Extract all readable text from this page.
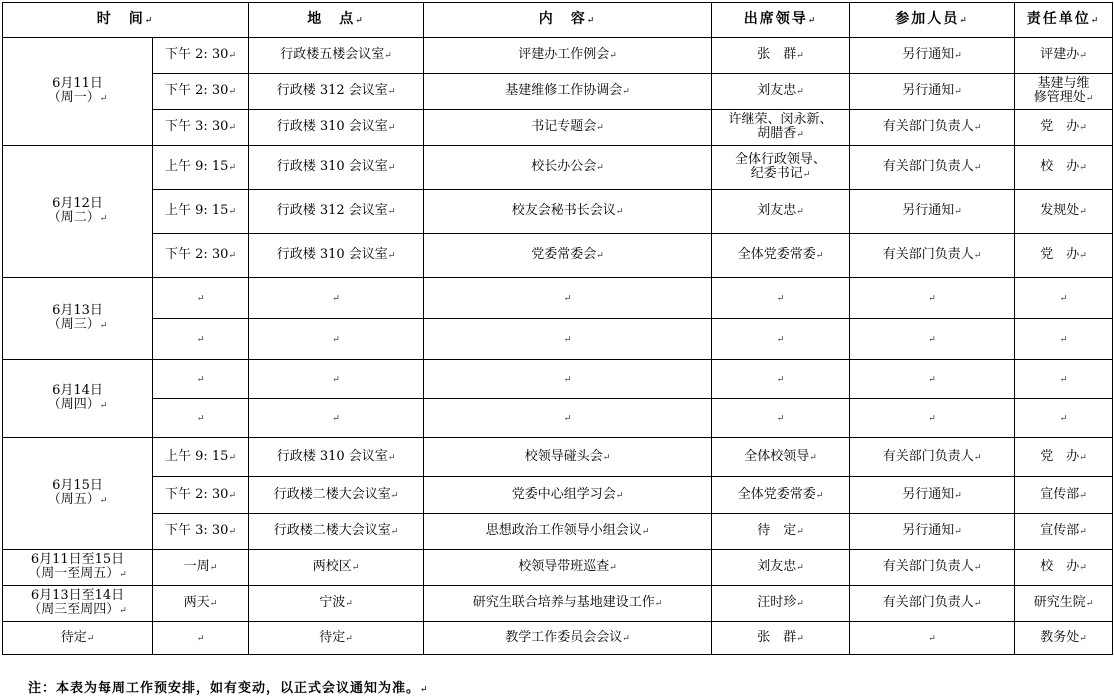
时　间↵		地　点↵	内　容↵	出席领导↵	参加人员↵	责任单位↵
6月11日
（周一）↵	下午 2: 30↵	行政楼五楼会议室↵	评建办工作例会↵	张　群↵	另行通知↵	评建办↵
	下午 2: 30↵	行政楼 312 会议室↵	基建维修工作协调会↵	刘友忠↵	另行通知↵	基建与维
修管理处↵
	下午 3: 30↵	行政楼 310 会议室↵	书记专题会↵	许继荣、闵永新、
胡腊香↵	有关部门负责人↵	党　办↵
6月12日
（周二）↵	上午 9: 15↵	行政楼 310 会议室↵	校长办公会↵	全体行政领导、
纪委书记↵	有关部门负责人↵	校　办↵
	上午 9: 15↵	行政楼 312 会议室↵	校友会秘书长会议↵	刘友忠↵	另行通知↵	发规处↵
	下午 2: 30↵	行政楼 310 会议室↵	党委常委会↵	全体党委常委↵	有关部门负责人↵	党　办↵
6月13日
（周三）↵	↵	↵	↵	↵	↵	↵
	↵	↵	↵	↵	↵	↵
6月14日
（周四）↵	↵	↵	↵	↵	↵	↵
	↵	↵	↵	↵	↵	↵
6月15日
（周五）↵	上午 9: 15↵	行政楼 310 会议室↵	校领导碰头会↵	全体校领导↵	有关部门负责人↵	党　办↵
	下午 2: 30↵	行政楼二楼大会议室↵	党委中心组学习会↵	全体党委常委↵	另行通知↵	宣传部↵
	下午 3: 30↵	行政楼二楼大会议室↵	思想政治工作领导小组会议↵	待　定↵	另行通知↵	宣传部↵
6月11日至15日
（周一至周五）↵	一周↵	两校区↵	校领导带班巡查↵	刘友忠↵	有关部门负责人↵	校　办↵
6月13日至14日
（周三至周四）↵	两天↵	宁波↵	研究生联合培养与基地建设工作↵	汪时珍↵	有关部门负责人↵	研究生院↵
待定↵	↵	待定↵	教学工作委员会会议↵	张　群↵	↵	教务处↵
注：本表为每周工作预安排，如有变动，以正式会议通知为准。↵
